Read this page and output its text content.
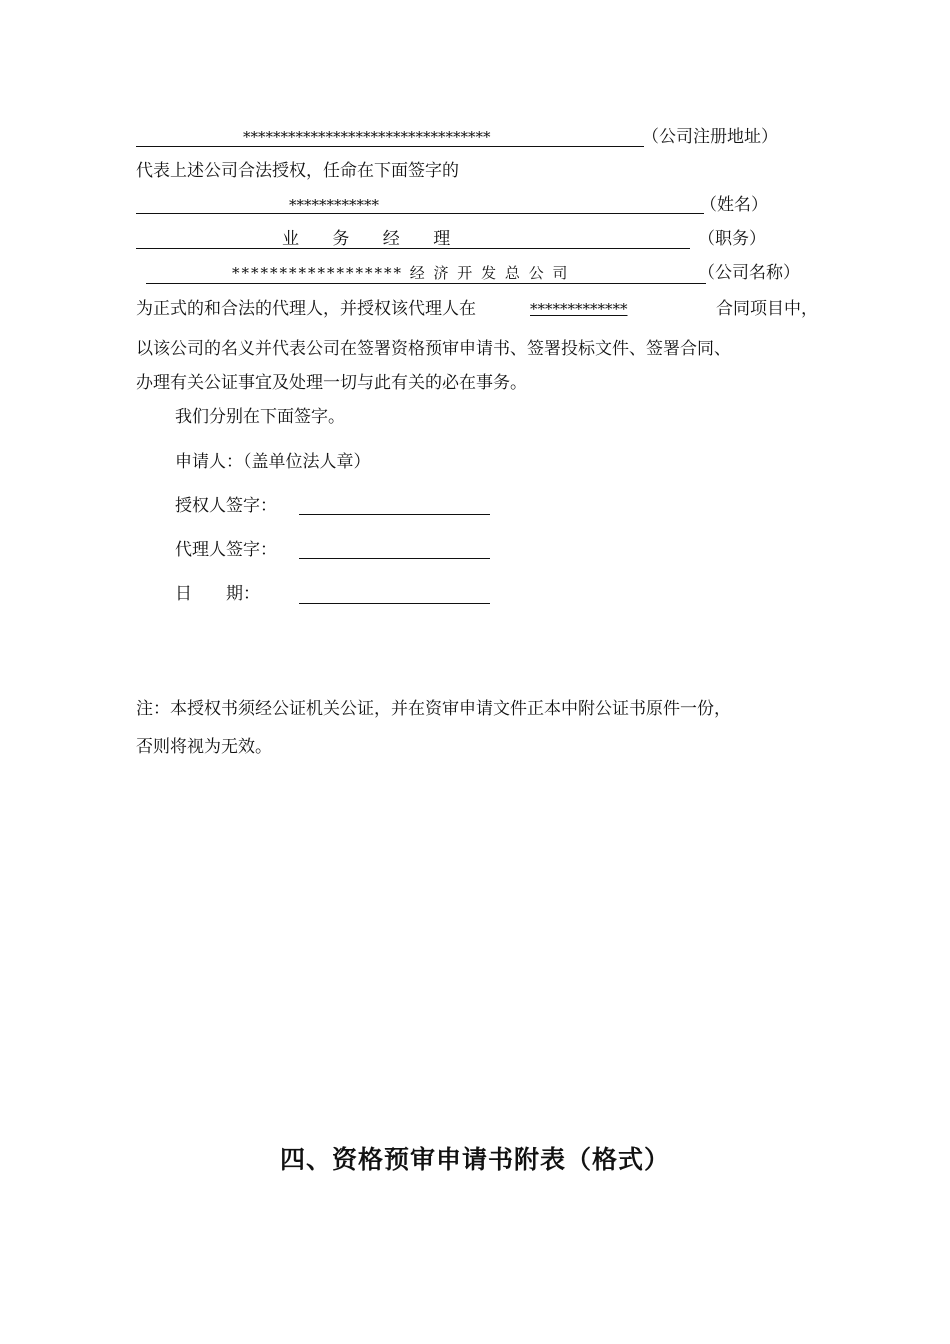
*********************************	（公司注册地址）
代表上述公司合法授权，任命在下面签字的
************	（姓名）
业 务 经 理	（职务）
****************** 经 济 开 发 总 公 司	（公司名称）
为正式的和合法的代理人，并授权该代理人在	*************	合同项目中，
以该公司的名义并代表公司在签署资格预审申请书、签署投标文件、签署合同、
办理有关公证事宜及处理一切与此有关的必在事务。
我们分别在下面签字。
申请人：（盖单位法人章）
授权人签字：
代理人签字：
日　　期：
注：本授权书须经公证机关公证，并在资审申请文件正本中附公证书原件一份，
否则将视为无效。
四、资格预审申请书附表（格式）
